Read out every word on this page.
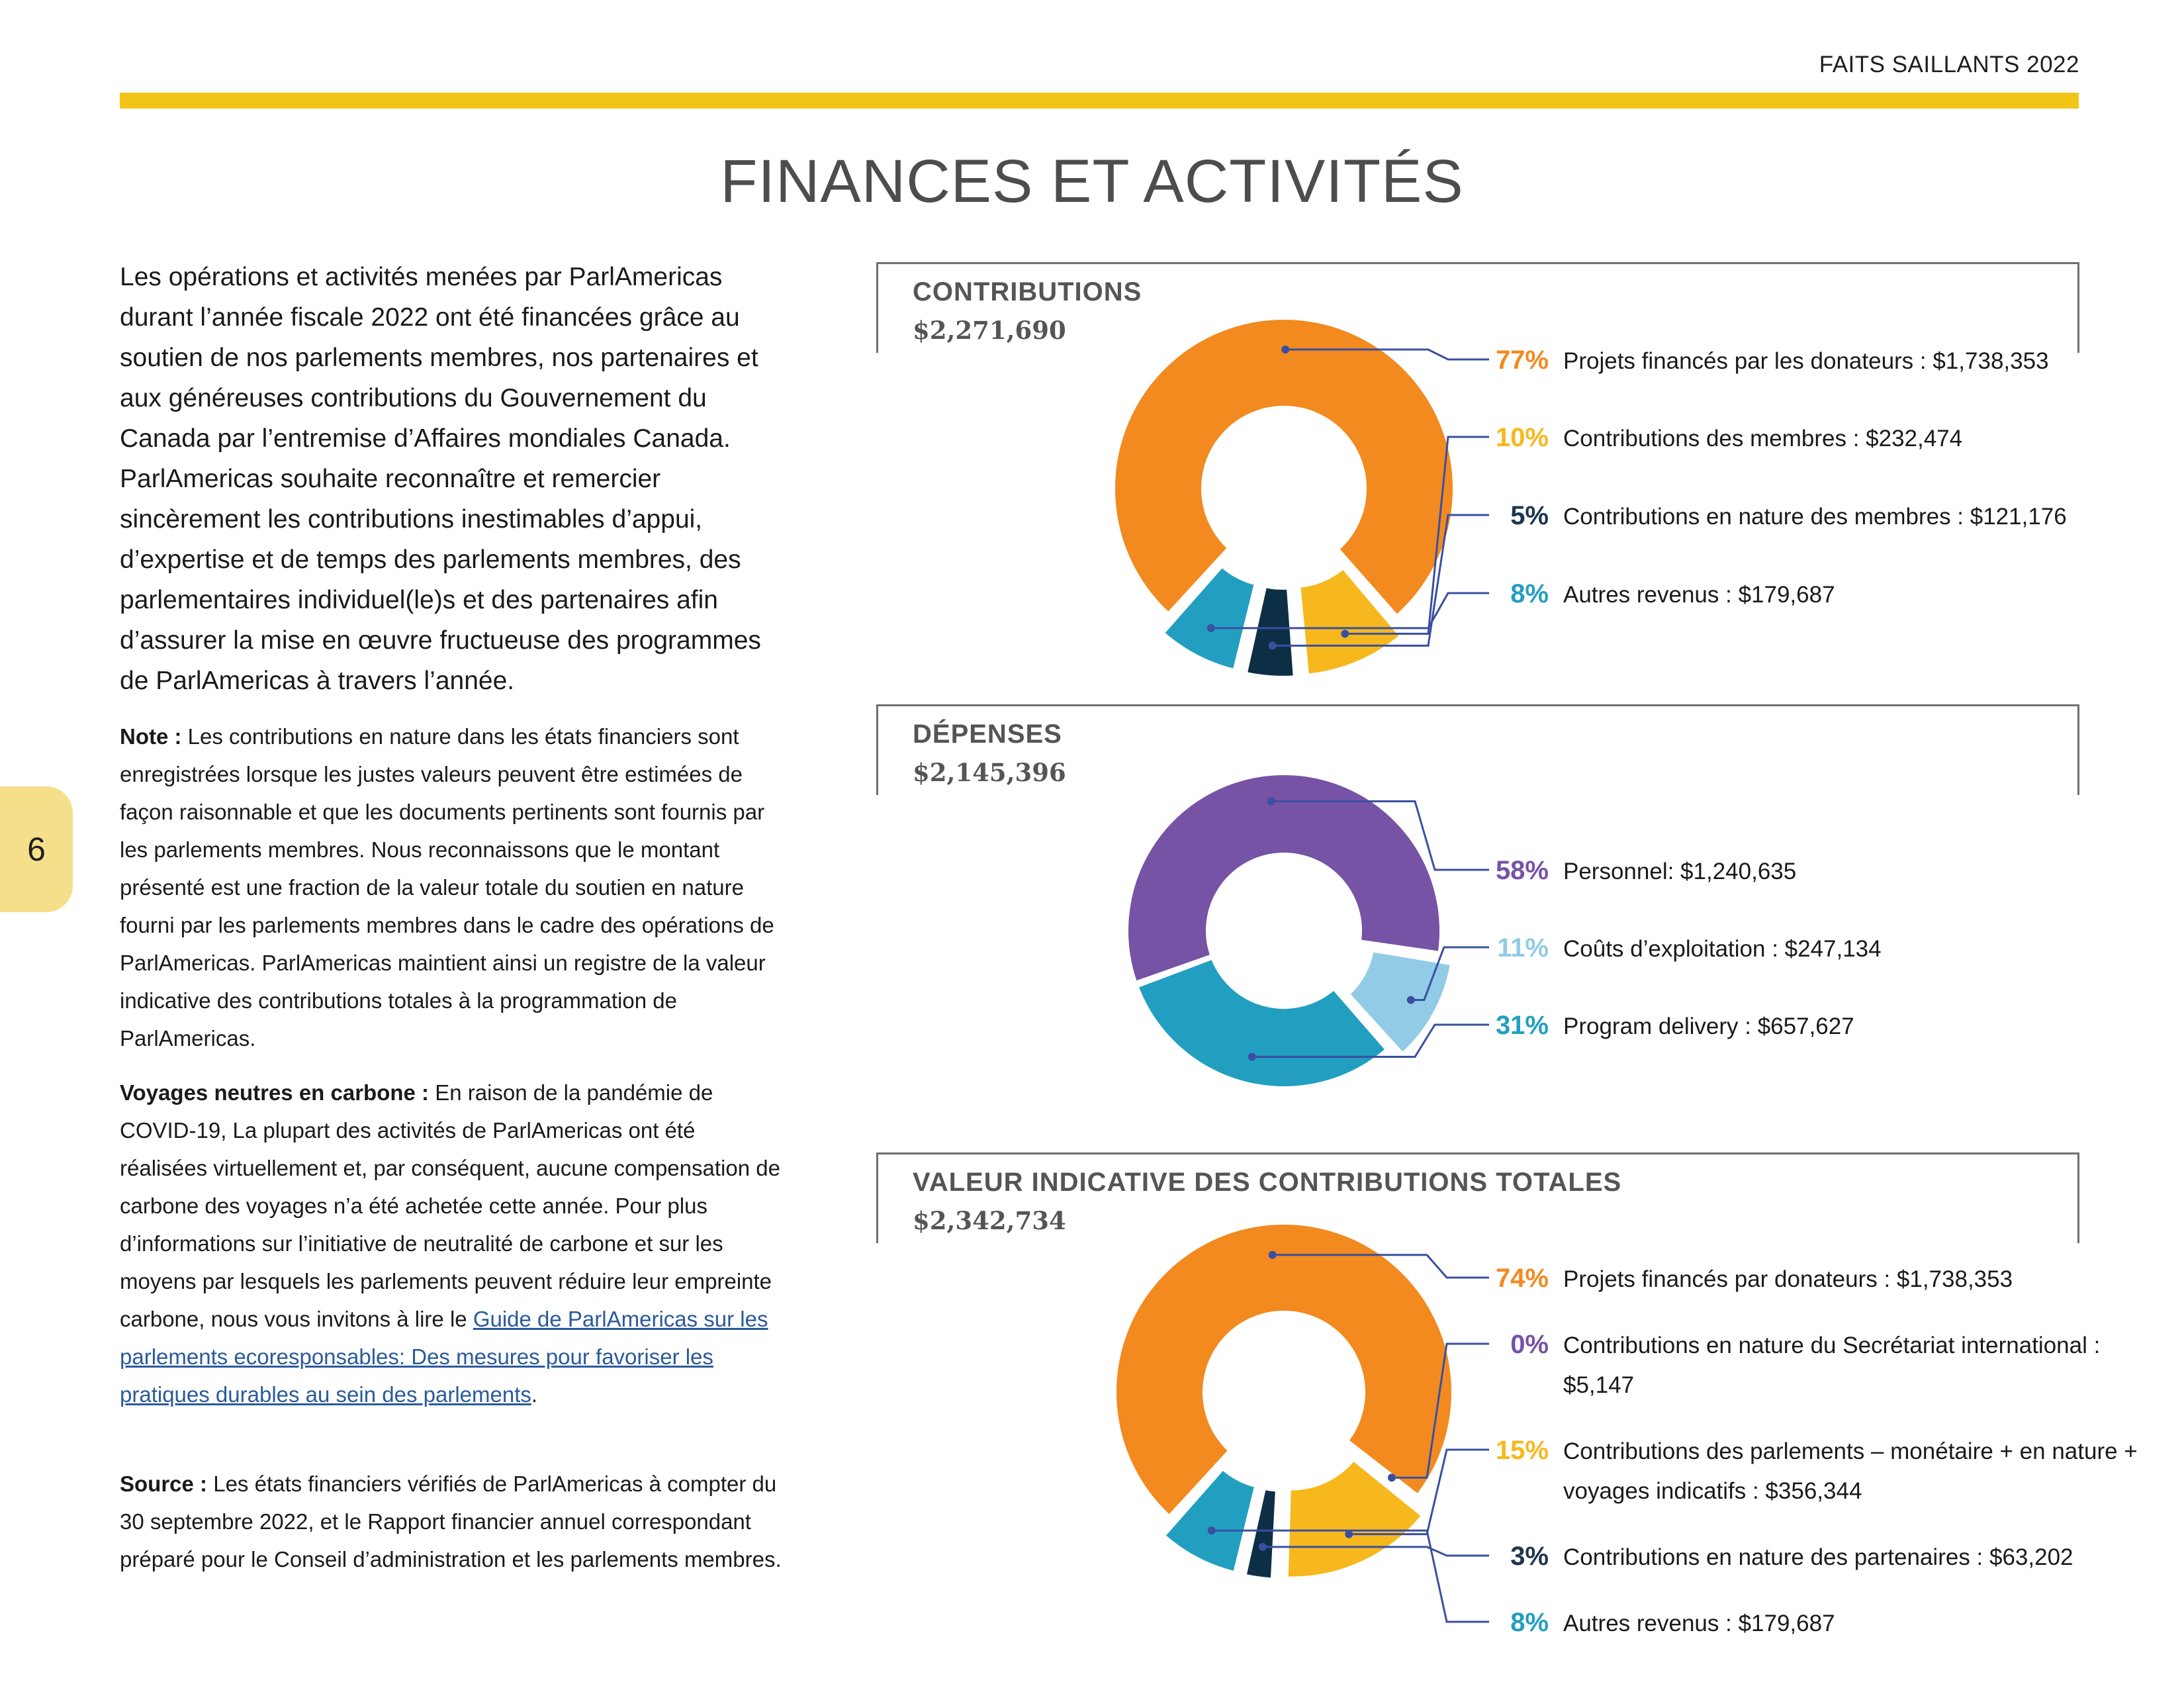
FAITS SAILLANTS 2022
FINANCES ET ACTIVITÉS
6
Les opérations et activités menées par ParlAmericas durant l’année fiscale 2022 ont été financées grâce au soutien de nos parlements membres, nos partenaires et aux généreuses contributions du Gouvernement du Canada par l’entremise d’Affaires mondiales Canada. ParlAmericas souhaite reconnaître et remercier sincèrement les contributions inestimables d’appui, d’expertise et de temps des parlements membres, des parlementaires individuel(le)s et des partenaires afin d’assurer la mise en œuvre fructueuse des programmes de ParlAmericas à travers l’année.

Note : Les contributions en nature dans les états financiers sont enregistrées lorsque les justes valeurs peuvent être estimées de façon raisonnable et que les documents pertinents sont fournis par les parlements membres. Nous reconnaissons que le montant présenté est une fraction de la valeur totale du soutien en nature fourni par les parlements membres dans le cadre des opérations de ParlAmericas. ParlAmericas maintient ainsi un registre de la valeur indicative des contributions totales à la programmation de ParlAmericas.

Voyages neutres en carbone : En raison de la pandémie de COVID-19, La plupart des activités de ParlAmericas ont été réalisées virtuellement et, par conséquent, aucune compensation de carbone des voyages n’a été achetée cette année. Pour plus d’informations sur l’initiative de neutralité de carbone et sur les moyens par lesquels les parlements peuvent réduire leur empreinte carbone, nous vous invitons à lire le Guide de ParlAmericas sur les parlements ecoresponsables: Des mesures pour favoriser les pratiques durables au sein des parlements.

Source : Les états financiers vérifiés de ParlAmericas à compter du 30 septembre 2022, et le Rapport financier annuel correspondant préparé pour le Conseil d’administration et les parlements membres.

CONTRIBUTIONS
$2,271,690
DÉPENSES
$2,145,396
VALEUR INDICATIVE DES CONTRIBUTIONS TOTALES
$2,342,734
77% Projets financés par les donateurs : $1,738,353
10% Contributions des membres : $232,474
5% Contributions en nature des membres : $121,176
8% Autres revenus : $179,687
58% Personnel: $1,240,635
11% Coûts d’exploitation : $247,134
31% Program delivery : $657,627
74% Projets financés par donateurs : $1,738,353
0% Contributions en nature du Secrétariat international :
$5,147
15% Contributions des parlements – monétaire + en nature +
voyages indicatifs : $356,344
3% Contributions en nature des partenaires : $63,202
8% Autres revenus : $179,687
